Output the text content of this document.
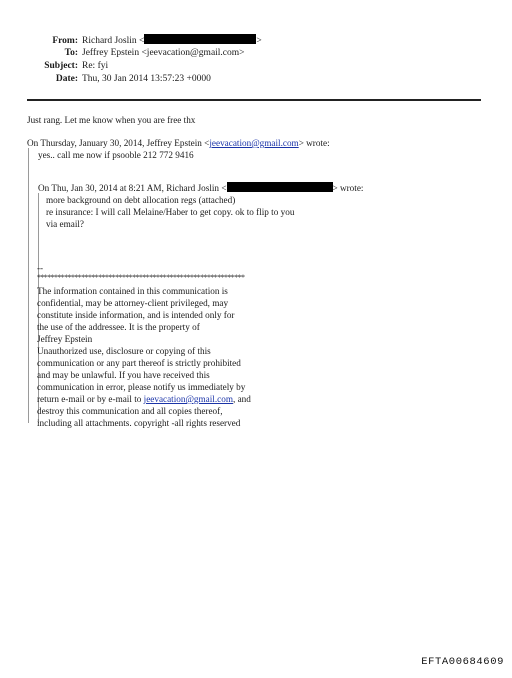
From: Richard Joslin <	>
To: Jeffrey Epstein <jeevacation@gmail.com>
Subject: Re: fyi
Date: Thu, 30 Jan 2014 13:57:23 +0000
Just rang. Let me know when you are free thx
On Thursday, January 30, 2014, Jeffrey Epstein <jeevacation@gmail.com> wrote:
yes.. call me now if psooble 212 772 9416
On Thu, Jan 30, 2014 at 8:21 AM, Richard Joslin <	> wrote:
more background on debt allocation regs (attached)
re insurance: I will call Melaine/Haber to get copy. ok to flip to you
via email?
--
*************************************************************
The information contained in this communication is
confidential, may be attorney-client privileged, may
constitute inside information, and is intended only for
the use of the addressee. It is the property of
Jeffrey Epstein
Unauthorized use, disclosure or copying of this
communication or any part thereof is strictly prohibited
and may be unlawful. If you have received this
communication in error, please notify us immediately by
return e-mail or by e-mail to jeevacation@gmail.com, and
destroy this communication and all copies thereof,
including all attachments. copyright -all rights reserved
EFTA00684609
